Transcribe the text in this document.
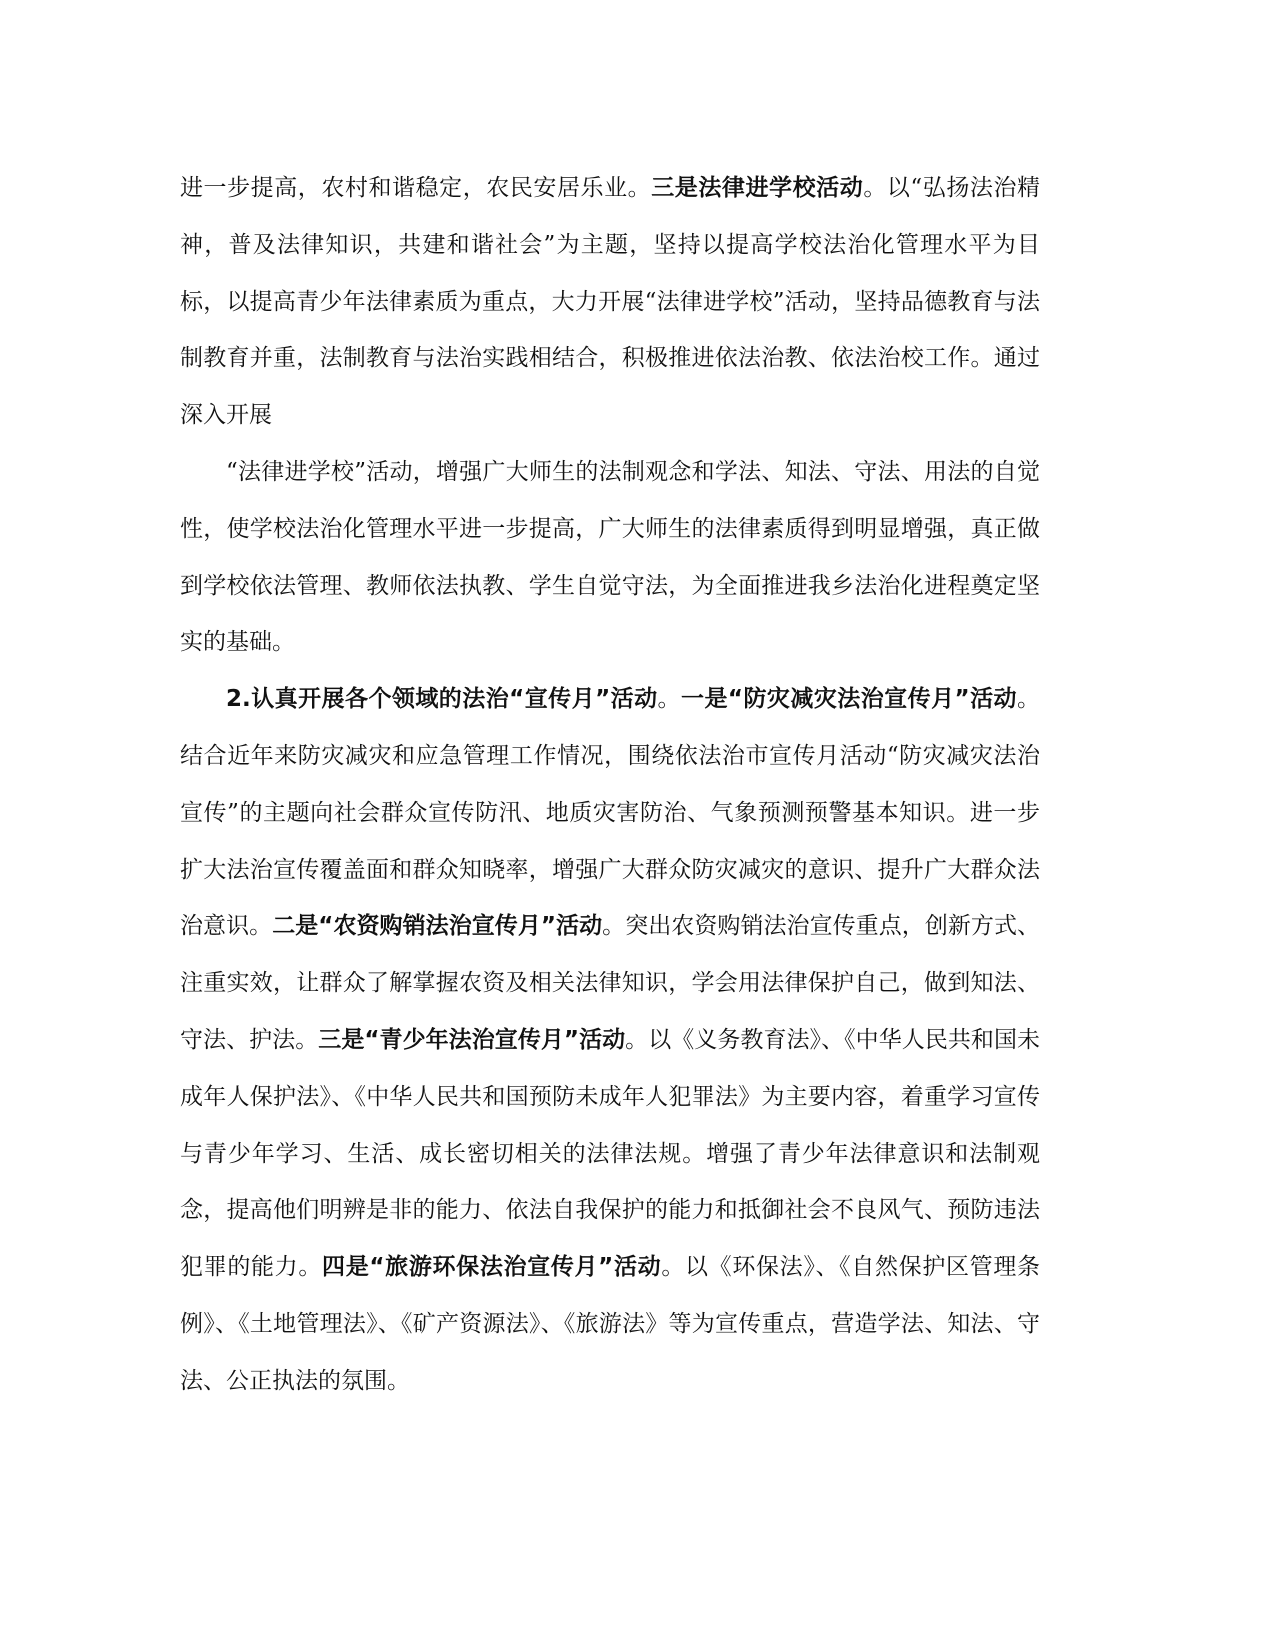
进一步提高，农村和谐稳定，农民安居乐业。三是法律进学校活动。以“弘扬法治精神，普及法律知识，共建和谐社会”为主题，坚持以提高学校法治化管理水平为目标，以提高青少年法律素质为重点，大力开展“法律进学校”活动，坚持品德教育与法制教育并重，法制教育与法治实践相结合，积极推进依法治教、依法治校工作。通过深入开展

“法律进学校”活动，增强广大师生的法制观念和学法、知法、守法、用法的自觉性，使学校法治化管理水平进一步提高，广大师生的法律素质得到明显增强，真正做到学校依法管理、教师依法执教、学生自觉守法，为全面推进我乡法治化进程奠定坚实的基础。

2.认真开展各个领域的法治“宣传月”活动。一是“防灾减灾法治宣传月”活动。结合近年来防灾减灾和应急管理工作情况，围绕依法治市宣传月活动“防灾减灾法治宣传”的主题向社会群众宣传防汛、地质灾害防治、气象预测预警基本知识。进一步扩大法治宣传覆盖面和群众知晓率，增强广大群众防灾减灾的意识、提升广大群众法治意识。二是“农资购销法治宣传月”活动。突出农资购销法治宣传重点，创新方式、注重实效，让群众了解掌握农资及相关法律知识，学会用法律保护自己，做到知法、守法、护法。三是“青少年法治宣传月”活动。以《义务教育法》、《中华人民共和国未成年人保护法》、《中华人民共和国预防未成年人犯罪法》为主要内容，着重学习宣传与青少年学习、生活、成长密切相关的法律法规。增强了青少年法律意识和法制观念，提高他们明辨是非的能力、依法自我保护的能力和抵御社会不良风气、预防违法犯罪的能力。四是“旅游环保法治宣传月”活动。以《环保法》、《自然保护区管理条例》、《土地管理法》、《矿产资源法》、《旅游法》等为宣传重点，营造学法、知法、守法、公正执法的氛围。
